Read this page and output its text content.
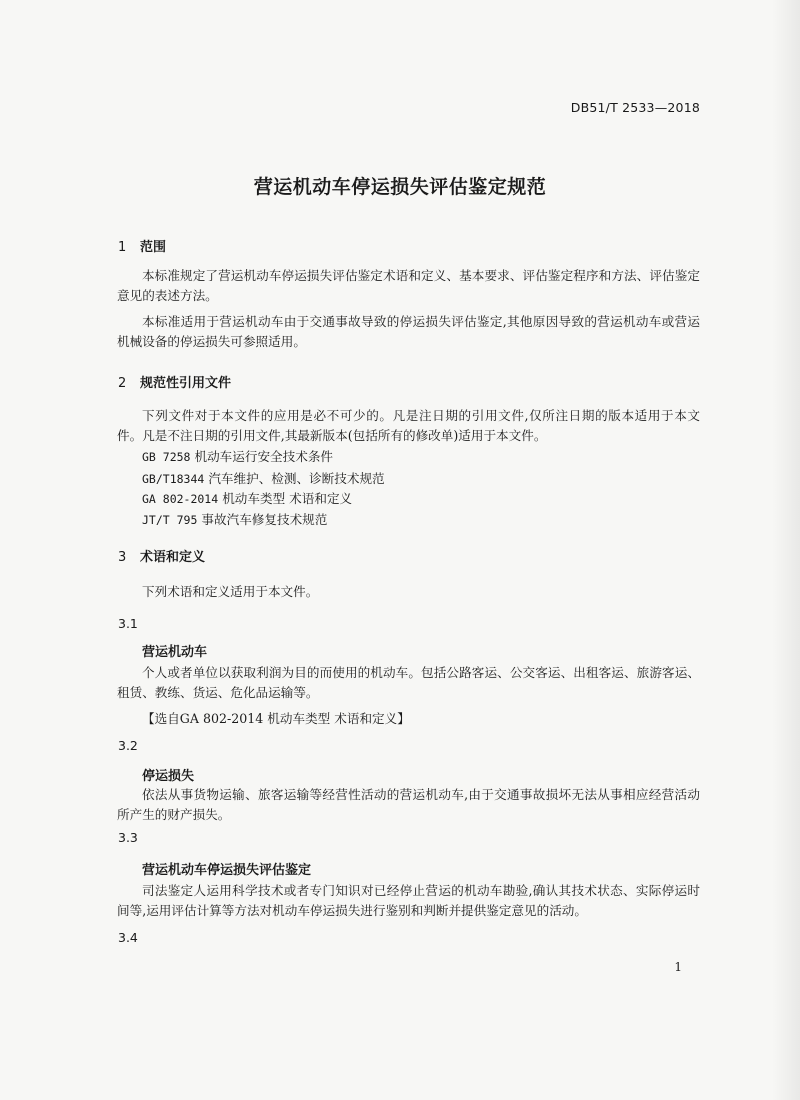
DB51/T 2533—2018
营运机动车停运损失评估鉴定规范
1 范围
本标准规定了营运机动车停运损失评估鉴定术语和定义、基本要求、评估鉴定程序和方法、评估鉴定意见的表述方法。
本标准适用于营运机动车由于交通事故导致的停运损失评估鉴定,其他原因导致的营运机动车或营运机械设备的停运损失可参照适用。
2 规范性引用文件
下列文件对于本文件的应用是必不可少的。凡是注日期的引用文件,仅所注日期的版本适用于本文件。凡是不注日期的引用文件,其最新版本(包括所有的修改单)适用于本文件。
GB 7258 机动车运行安全技术条件
GB/T18344 汽车维护、检测、诊断技术规范
GA 802-2014 机动车类型 术语和定义
JT/T 795 事故汽车修复技术规范
3 术语和定义
下列术语和定义适用于本文件。
3.1
营运机动车
个人或者单位以获取利润为目的而使用的机动车。包括公路客运、公交客运、出租客运、旅游客运、租赁、教练、货运、危化品运输等。
【选自GA 802-2014 机动车类型 术语和定义】
3.2
停运损失
依法从事货物运输、旅客运输等经营性活动的营运机动车,由于交通事故损坏无法从事相应经营活动所产生的财产损失。
3.3
营运机动车停运损失评估鉴定
司法鉴定人运用科学技术或者专门知识对已经停止营运的机动车勘验,确认其技术状态、实际停运时间等,运用评估计算等方法对机动车停运损失进行鉴别和判断并提供鉴定意见的活动。
3.4
1
